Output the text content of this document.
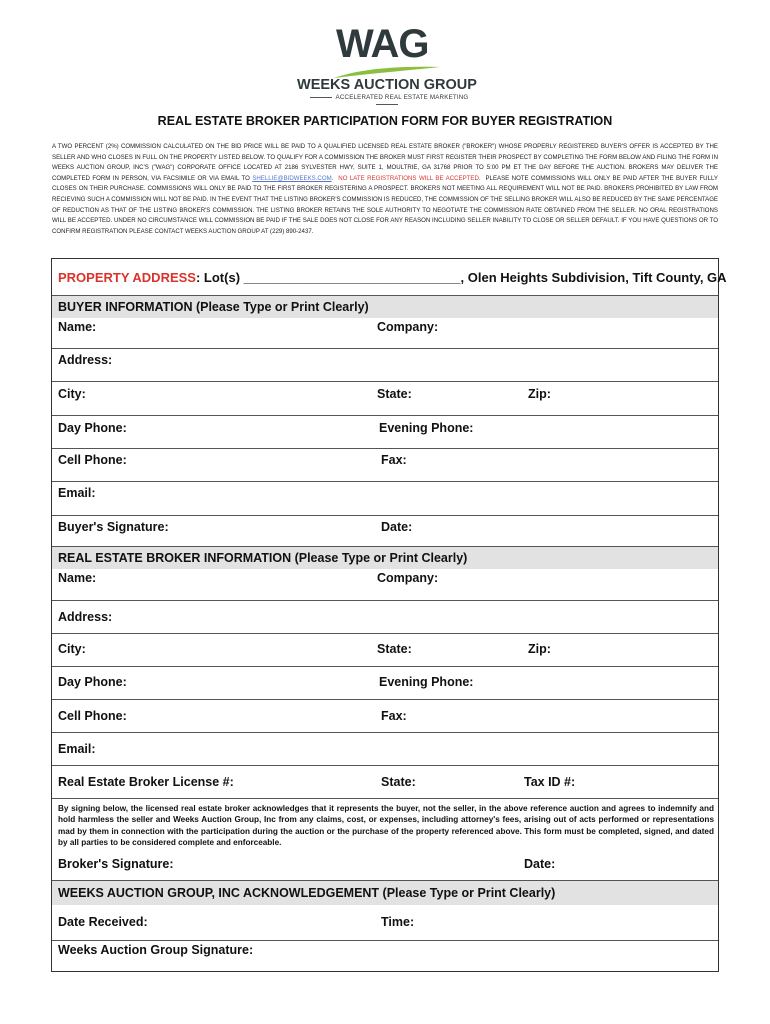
WAG
WEEKS AUCTION GROUP
ACCELERATED REAL ESTATE MARKETING
REAL ESTATE BROKER PARTICIPATION FORM FOR BUYER REGISTRATION
A TWO PERCENT (2%) COMMISSION CALCULATED ON THE BID PRICE WILL BE PAID TO A QUALIFIED LICENSED REAL ESTATE BROKER ("BROKER") WHOSE PROPERLY REGISTERED BUYER'S OFFER IS ACCEPTED BY THE SELLER AND WHO CLOSES IN FULL ON THE PROPERTY LISTED BELOW. TO QUALIFY FOR A COMMISSION THE BROKER MUST FIRST REGISTER THEIR PROSPECT BY COMPLETING THE FORM BELOW AND FILING THE FORM IN WEEKS AUCTION GROUP, INC'S ("WAG") CORPORATE OFFICE LOCATED AT 2186 SYLVESTER HWY, SUITE 1, MOULTRIE, GA 31768 PRIOR TO 5:00 PM ET THE DAY BEFORE THE AUCTION. BROKERS MAY DELIVER THE COMPLETED FORM IN PERSON, VIA FACSIMILE OR VIA EMAIL TO SHELLIE@BIDWEEKS.COM. NO LATE REGISTRATIONS WILL BE ACCEPTED. PLEASE NOTE COMMISSIONS WILL ONLY BE PAID AFTER THE BUYER FULLY CLOSES ON THEIR PURCHASE. COMMISSIONS WILL ONLY BE PAID TO THE FIRST BROKER REGISTERING A PROSPECT. BROKERS NOT MEETING ALL REQUIREMENT WILL NOT BE PAID. BROKERS PROHIBITED BY LAW FROM RECIEVING SUCH A COMMISSION WILL NOT BE PAID. IN THE EVENT THAT THE LISTING BROKER'S COMMISSION IS REDUCED, THE COMMISSION OF THE SELLING BROKER WILL ALSO BE REDUCED BY THE SAME PERCENTAGE OF REDUCTION AS THAT OF THE LISTING BROKER'S COMMISSION. THE LISTING BROKER RETAINS THE SOLE AUTHORITY TO NEGOTIATE THE COMMISSION RATE OBTAINED FROM THE SELLER. NO ORAL REGISTRATIONS WILL BE ACCEPTED. UNDER NO CIRCUMSTANCE WILL COMMISSION BE PAID IF THE SALE DOES NOT CLOSE FOR ANY REASON INCLUDING SELLER INABILITY TO CLOSE OR SELLER DEFAULT. IF YOU HAVE QUESTIONS OR TO CONFIRM REGISTRATION PLEASE CONTACT WEEKS AUCTION GROUP AT (229) 890-2437.
PROPERTY ADDRESS: Lot(s) ______________________________, Olen Heights Subdivision, Tift County, GA
BUYER INFORMATION (Please Type or Print Clearly)
Name:	Company:
Address:
City:	State:	Zip:
Day Phone:	Evening Phone:
Cell Phone:	Fax:
Email:
Buyer's Signature:	Date:
REAL ESTATE BROKER INFORMATION (Please Type or Print Clearly)
Name:	Company:
Address:
City:	State:	Zip:
Day Phone:	Evening Phone:
Cell Phone:	Fax:
Email:
Real Estate Broker License #:	State:	Tax ID #:
By signing below, the licensed real estate broker acknowledges that it represents the buyer, not the seller, in the above reference auction and agrees to indemnify and hold harmless the seller and Weeks Auction Group, Inc from any claims, cost, or expenses, including attorney's fees, arising out of acts performed or representations mad by them in connection with the participation during the auction or the purchase of the property referenced above. This form must be completed, signed, and dated by all parties to be considered complete and enforceable.
Broker's Signature:	Date:
WEEKS AUCTION GROUP, INC ACKNOWLEDGEMENT (Please Type or Print Clearly)
Date Received:	Time:
Weeks Auction Group Signature:
